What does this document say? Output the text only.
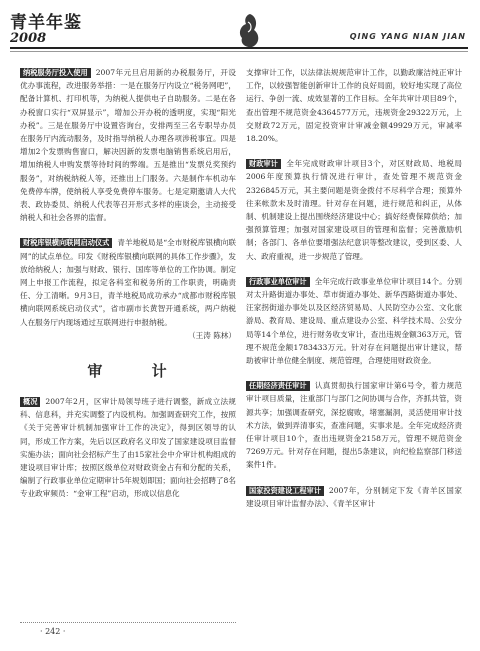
青羊年鉴
2008	QING YANG NIAN JIAN

纳税服务厅投入使用 2007年元旦启用新的办税服务厅，开设优办事流程，改进服务举措：一是在服务厅内设立“税务网吧”，配备计算机、打印机等，为纳税人提供电子自助服务。二是在各办税窗口实行“双屏显示”，增加公开办税的透明度，实现“阳光办税”。三是在服务厅中设置咨询台，安排两至三名专职导办员在服务厅内流动服务，及时指导纳税人办理各项涉税事宜。四是增加2个发票购售窗口，解决因新的发票电脑销售系统启用后，增加纳税人申购发票等待时间的弊端。五是推出“发票兑奖预约服务”，对纳税纳税人等，还推出上门服务。六是制作车机动车免费停车牌，使纳税人享受免费停车服务。七是定期邀请人大代表、政协委员、纳税人代表等召开形式多样的座谈会，主动接受纳税人和社会各界的监督。

财税库银横向联网启动仪式 青羊地税局是“全市财税库银横向联网”的试点单位。印发《财税库银横向联网的具体工作步骤》，发放给纳税人；加强与财政、银行、国库等单位的工作协调。制定网上申报工作流程，拟定各科室和税务所的工作职责，明确责任、分工清晰。9月3日，青羊地税局成功承办“成都市财税库银横向联网系统启动仪式”，省市副市长黄智开通系统，两户纳税人在服务厅内现场通过互联网进行申报纳税。

（王涛 陈林）

审 计

概况 2007年2月，区审计局领导班子进行调整，新成立法规科、信息科，并充实调整了内设机构。加强调查研究工作，按照《关于完善审计机制加强审计工作的决定》，得到区领导的认同，形成工作方案，先后以区政府名义印发了国家建设项目监督实施办法；面向社会招标产生了由15家社会中介审计机构组成的建设项目审计库；按照区级单位对财政资金占有和分配的关系，编制了行政事业单位定期审计5年规划即国；面向社会招聘了8名专业政审频员：“金审工程”启动，形成以信息化

支撑审计工作，以法律法规规范审计工作，以勤政廉洁纯正审计工作，以较强智能创新审计工作的良好局面，较好地实现了高位运行、争创一流、成效显著的工作目标。全年共审计项目89个，查出管理不规范资金4364577万元，违规资金29322万元，上交财政72万元，固定投资审计审减金额49929万元，审减率18.20%。

财政审计 全年完成财政审计项目3个，对区财政局、地税局2006年度预算执行情况进行审计，查处管理不规范资金2326845万元，其主要问题是资金拨付不尽科学合理；预算外往来帐款未及时清理。针对存在问题，进行规范和纠正，从体制、机制建设上提出围绕经济建设中心；搞好经费保障供给；加强预算管理；加强对国家建设项目的管理和监督；完善激励机制；各部门、各单位要增强法纪意识等整改建议，受到区委、人大、政府重视，进一步规范了管理。

行政事业单位审计 全年完成行政事业单位审计项目14个。分别对太升路街道办事处、草市街道办事处、新华西路街道办事处、汪家拐街道办事处以及区经济贸易局、人民防空办公室、文化旅游局、教育局、建设局、重点建设办公室、科学技术局、公安分局等14个单位，进行财务收支审计，查出违规金额363万元，管理不规范金额1783433万元。针对存在问题提出审计建议，帮助被审计单位健全制度、规范管理，合理使用财政资金。

任期经济责任审计 认真贯彻执行国家审计第6号令，着力规范审计项目质量，注重部门与部门之间协调与合作，齐抓共管，资源共享；加强调查研究，深挖腐败，堵塞漏洞，灵活使用审计技术方法，做到弄清事实，查准问题，实事求是。全年完成经济责任审计项目10个，查出违规资金2158万元，管理不规范资金7269万元。针对存在问题，提出5条建议，向纪检监察部门移送案件1件。

国家投资建设工程审计 2007年，分别制定下发《青羊区国家建设项目审计监督办法》、《青羊区审计

· 242 ·
